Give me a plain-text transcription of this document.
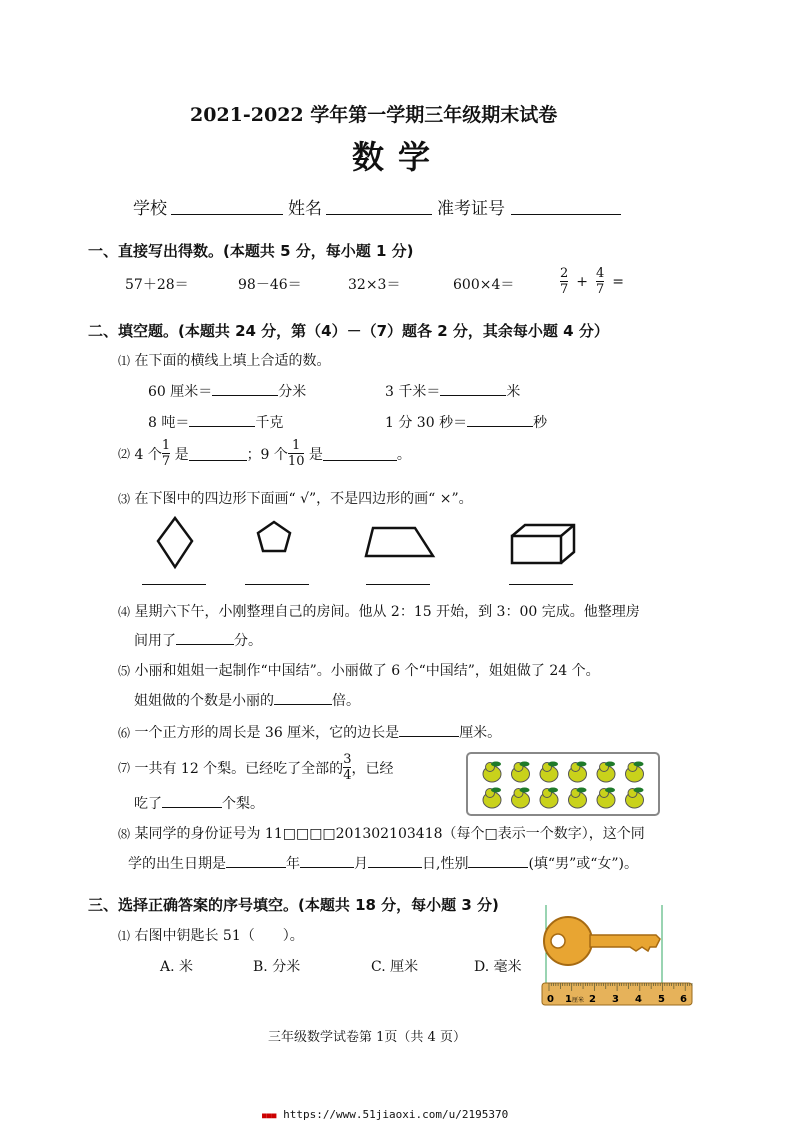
2021-2022 学年第一学期三年级期末试卷
数学
学校	姓名	准考证号
一、直接写出得数。(本题共 5 分，每小题 1 分)
57＋28＝	98－46＝	32×3＝	600×4＝	$\frac{2}{7} + \frac{4}{7}$ =
二、填空题。(本题共 24 分，第（4）－（7）题各 2 分，其余每小题 4 分）
⑴ 在下面的横线上填上合适的数。
60 厘米＝	分米	3 千米＝	米
8 吨＝	千克	1 分 30 秒＝	秒
⑵
4 个 $\frac{1}{7}$
是	；9 个 $\frac{1}{10}$
是	。
⑶ 在下图中的四边形下面画“ √”，不是四边形的画“ ×”。
⑷ 星期六下午，小刚整理自己的房间。他从 2：15 开始，到 3：00 完成。他整理房
间用了	分。
⑸ 小丽和姐姐一起制作“中国结”。小丽做了 6 个“中国结”，姐姐做了 24 个。
姐姐做的个数是小丽的	倍。
⑹ 一个正方形的周长是 36 厘米，它的边长是	厘米。
⑺
一共有 12 个梨。已经吃了全部的 $\frac{3}{4}$ ，已经
吃了	个梨。
⑻ 某同学的身份证号为 11□□□□201302103418（每个□表示一个数字），这个同
学的出生日期是	年	月	日,性别	(填“男”或“女”)。
三、选择正确答案的序号填空。(本题共 18 分，每小题 3 分)
⑴ 右图中钥匙长 51（　　）。
A. 米	B. 分米	C. 厘米	D. 毫米
0 1 厘米 2 3 4 5 6
三年级数学试卷第 1页（共 4 页）
■■■ https://www.51jiaoxi.com/u/2195370
